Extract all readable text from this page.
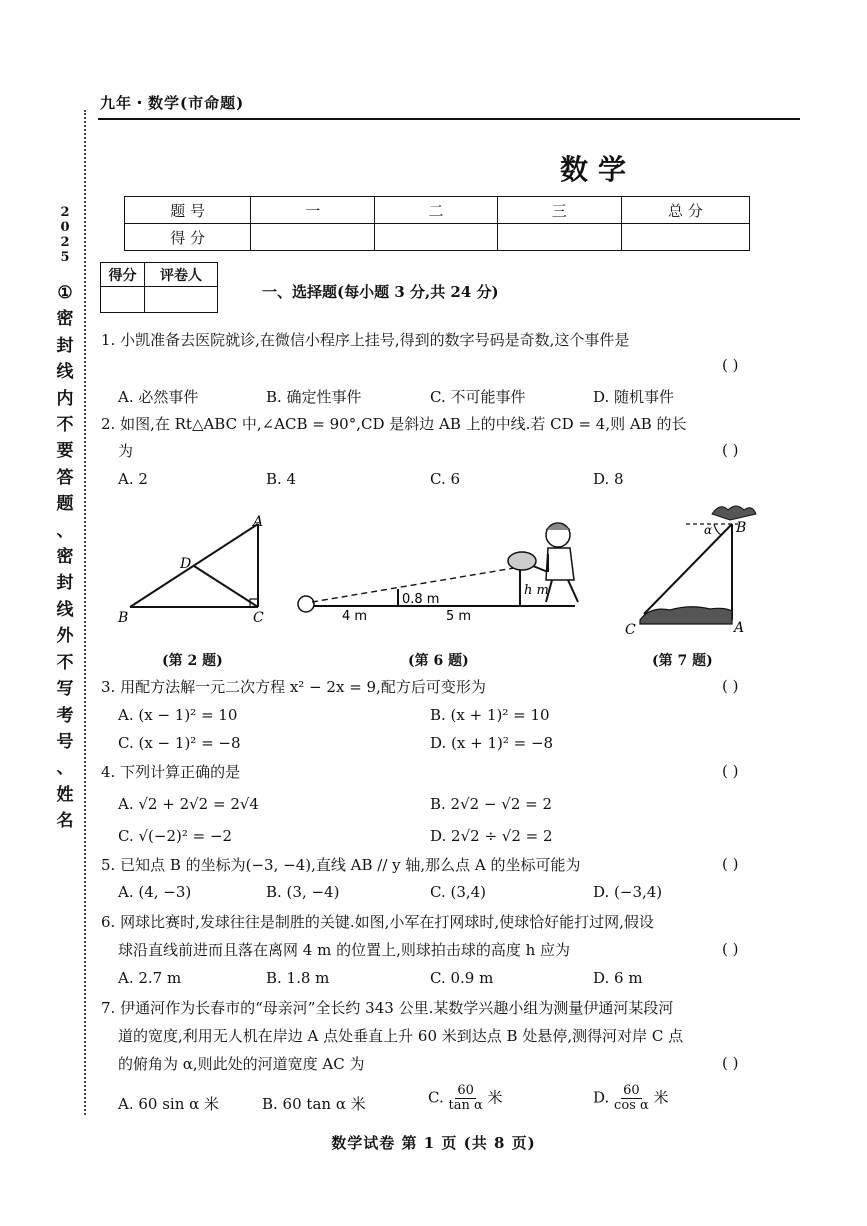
九年・数学(市命题)
2
0
2
5
①
密
封
线
内
不
要
答
题
、
密
封
线
外
不
写
考
号
、
姓
名
数学
题 号	一	二	三	总 分
得 分				
得分	评卷人

一、选择题(每小题 3 分,共 24 分)
1. 小凯准备去医院就诊,在微信小程序上挂号,得到的数字号码是奇数,这个事件是
( )
A. 必然事件	B. 确定性事件	C. 不可能事件	D. 随机事件
2. 如图,在 Rt△ABC 中,∠ACB = 90°,CD 是斜边 AB 上的中线.若 CD = 4,则 AB 的长
为	( )
A. 2	B. 4	C. 6	D. 8
A
B	C
D
(第 2 题)
0.8 m
h m
4 m	5 m
(第 6 题)
α B
C	A
(第 7 题)
3. 用配方法解一元二次方程 x² − 2x = 9,配方后可变形为	( )
A. (x − 1)² = 10	B. (x + 1)² = 10
C. (x − 1)² = −8	D. (x + 1)² = −8
4. 下列计算正确的是	( )
A. √2 + 2√2 = 2√4	B. 2√2 − √2 = 2
C. √(−2)² = −2	D. 2√2 ÷ √2 = 2
5. 已知点 B 的坐标为(−3, −4),直线 AB // y 轴,那么点 A 的坐标可能为	( )
A. (4, −3)	B. (3, −4)	C. (3,4)	D. (−3,4)
6. 网球比赛时,发球往往是制胜的关键.如图,小军在打网球时,使球恰好能打过网,假设
球沿直线前进而且落在离网 4 m 的位置上,则球拍击球的高度 h 应为	( )
A. 2.7 m	B. 1.8 m	C. 0.9 m	D. 6 m
7. 伊通河作为长春市的“母亲河”全长约 343 公里.某数学兴趣小组为测量伊通河某段河
道的宽度,利用无人机在岸边 A 点处垂直上升 60 米到达点 B 处悬停,测得河对岸 C 点
的俯角为 α,则此处的河道宽度 AC 为	( )
A. 60 sin α 米	B. 60 tan α 米	C. $\frac{60}{\text{tan α}}$ 米	D. $\frac{60}{\text{cos α}}$ 米
数学试卷 第 1 页 (共 8 页)
